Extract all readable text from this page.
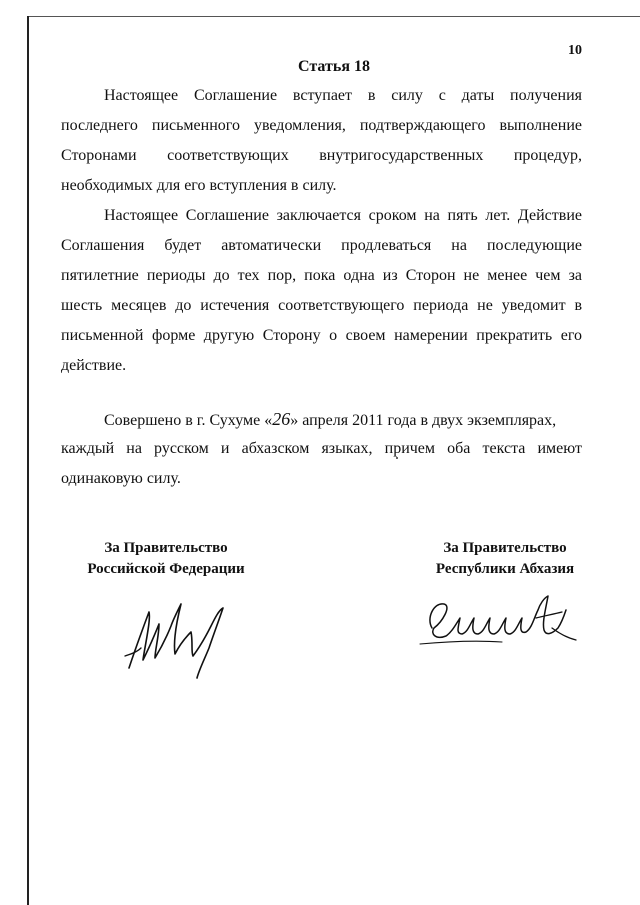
10
Статья 18
Настоящее Соглашение вступает в силу с даты получения
последнего письменного уведомления, подтверждающего выполнение
Сторонами соответствующих внутригосударственных процедур,
необходимых для его вступления в силу.
Настоящее Соглашение заключается сроком на пять лет. Действие
Соглашения будет автоматически продлеваться на последующие
пятилетние периоды до тех пор, пока одна из Сторон не менее чем за
шесть месяцев до истечения соответствующего периода не уведомит в
письменной форме другую Сторону о своем намерении прекратить его
действие.
Совершено в г. Сухуме «26» апреля 2011 года в двух экземплярах,
каждый на русском и абхазском языках, причем оба текста имеют
одинаковую силу.
За Правительство
Российской Федерации
За Правительство
Республики Абхазия
